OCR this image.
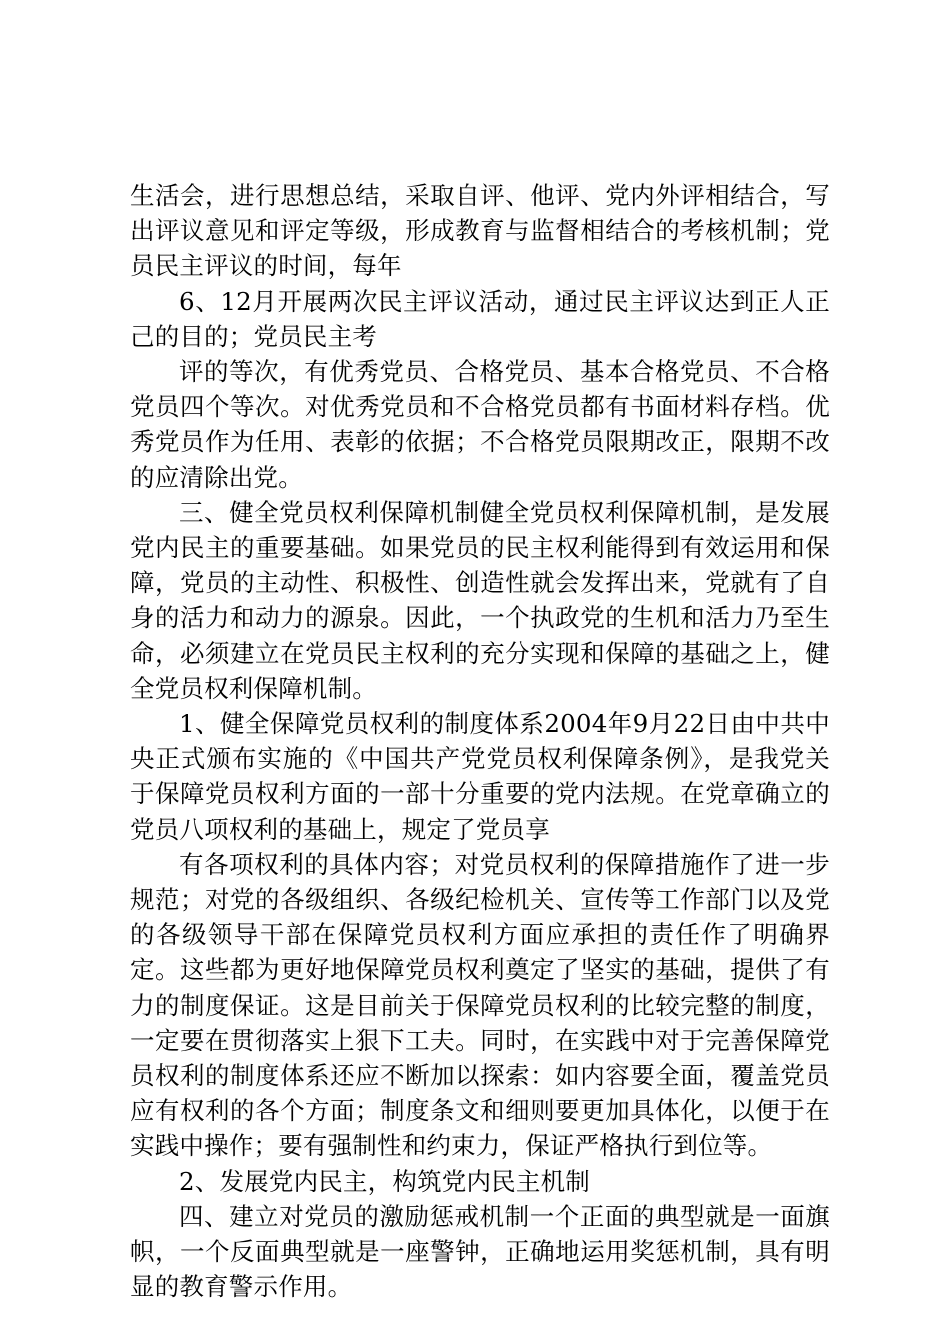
生活会，进行思想总结，采取自评、他评、党内外评相结合，写出评议意见和评定等级，形成教育与监督相结合的考核机制；党员民主评议的时间，每年

6、12月开展两次民主评议活动，通过民主评议达到正人正己的目的；党员民主考

评的等次，有优秀党员、合格党员、基本合格党员、不合格党员四个等次。对优秀党员和不合格党员都有书面材料存档。优秀党员作为任用、表彰的依据；不合格党员限期改正，限期不改的应清除出党。

三、健全党员权利保障机制健全党员权利保障机制，是发展党内民主的重要基础。如果党员的民主权利能得到有效运用和保障，党员的主动性、积极性、创造性就会发挥出来，党就有了自身的活力和动力的源泉。因此，一个执政党的生机和活力乃至生命，必须建立在党员民主权利的充分实现和保障的基础之上，健全党员权利保障机制。

1、健全保障党员权利的制度体系2004年9月22日由中共中央正式颁布实施的《中国共产党党员权利保障条例》，是我党关于保障党员权利方面的一部十分重要的党内法规。在党章确立的党员八项权利的基础上，规定了党员享

有各项权利的具体内容；对党员权利的保障措施作了进一步规范；对党的各级组织、各级纪检机关、宣传等工作部门以及党的各级领导干部在保障党员权利方面应承担的责任作了明确界定。这些都为更好地保障党员权利奠定了坚实的基础，提供了有力的制度保证。这是目前关于保障党员权利的比较完整的制度，一定要在贯彻落实上狠下工夫。同时，在实践中对于完善保障党员权利的制度体系还应不断加以探索：如内容要全面，覆盖党员应有权利的各个方面；制度条文和细则要更加具体化，以便于在实践中操作；要有强制性和约束力，保证严格执行到位等。

2、发展党内民主，构筑党内民主机制

四、建立对党员的激励惩戒机制一个正面的典型就是一面旗帜，一个反面典型就是一座警钟，正确地运用奖惩机制，具有明显的教育警示作用。
